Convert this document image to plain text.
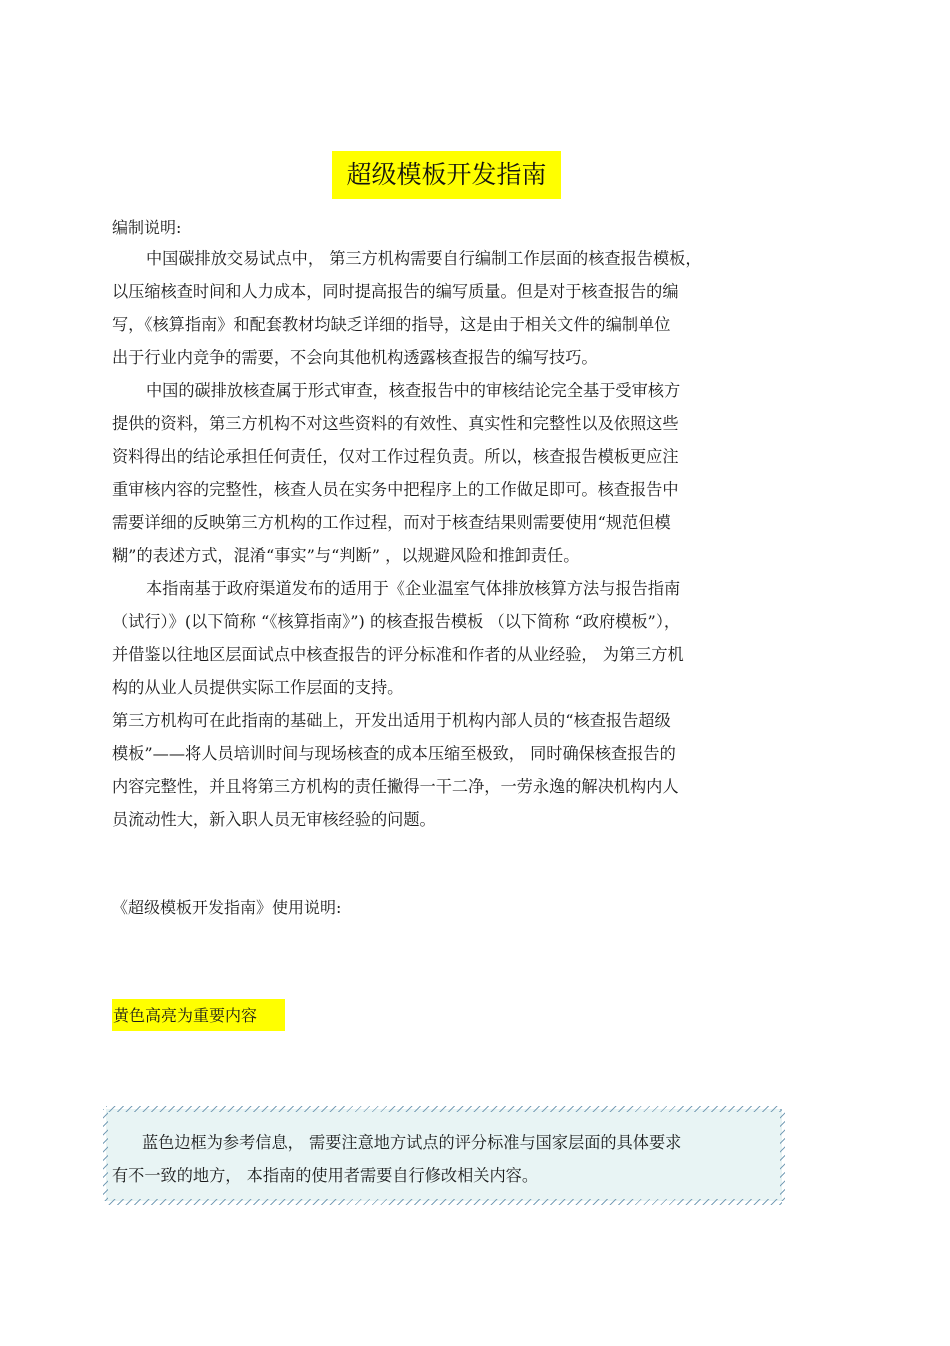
超级模板开发指南
编制说明:
中国碳排放交易试点中， 第三方机构需要自行编制工作层面的核查报告模板，
以压缩核查时间和人力成本，同时提高报告的编写质量。但是对于核查报告的编
写，《核算指南》和配套教材均缺乏详细的指导，这是由于相关文件的编制单位
出于行业内竞争的需要，不会向其他机构透露核查报告的编写技巧。
中国的碳排放核查属于形式审查，核查报告中的审核结论完全基于受审核方
提供的资料，第三方机构不对这些资料的有效性、真实性和完整性以及依照这些
资料得出的结论承担任何责任，仅对工作过程负责。所以，核查报告模板更应注
重审核内容的完整性，核查人员在实务中把程序上的工作做足即可。核查报告中
需要详细的反映第三方机构的工作过程，而对于核查结果则需要使用“规范但模
糊”的表述方式，混淆“事实”与“判断” ，以规避风险和推卸责任。
本指南基于政府渠道发布的适用于《企业温室气体排放核算方法与报告指南
（试行）》(以下简称 “《核算指南》”) 的核查报告模板 （以下简称 “政府模板”），
并借鉴以往地区层面试点中核查报告的评分标准和作者的从业经验， 为第三方机
构的从业人员提供实际工作层面的支持。
第三方机构可在此指南的基础上，开发出适用于机构内部人员的“核查报告超级
模板”——将人员培训时间与现场核查的成本压缩至极致， 同时确保核查报告的
内容完整性，并且将第三方机构的责任撇得一干二净，一劳永逸的解决机构内人
员流动性大，新入职人员无审核经验的问题。
《超级模板开发指南》使用说明:
黄色高亮为重要内容
蓝色边框为参考信息， 需要注意地方试点的评分标准与国家层面的具体要求
有不一致的地方， 本指南的使用者需要自行修改相关内容。
